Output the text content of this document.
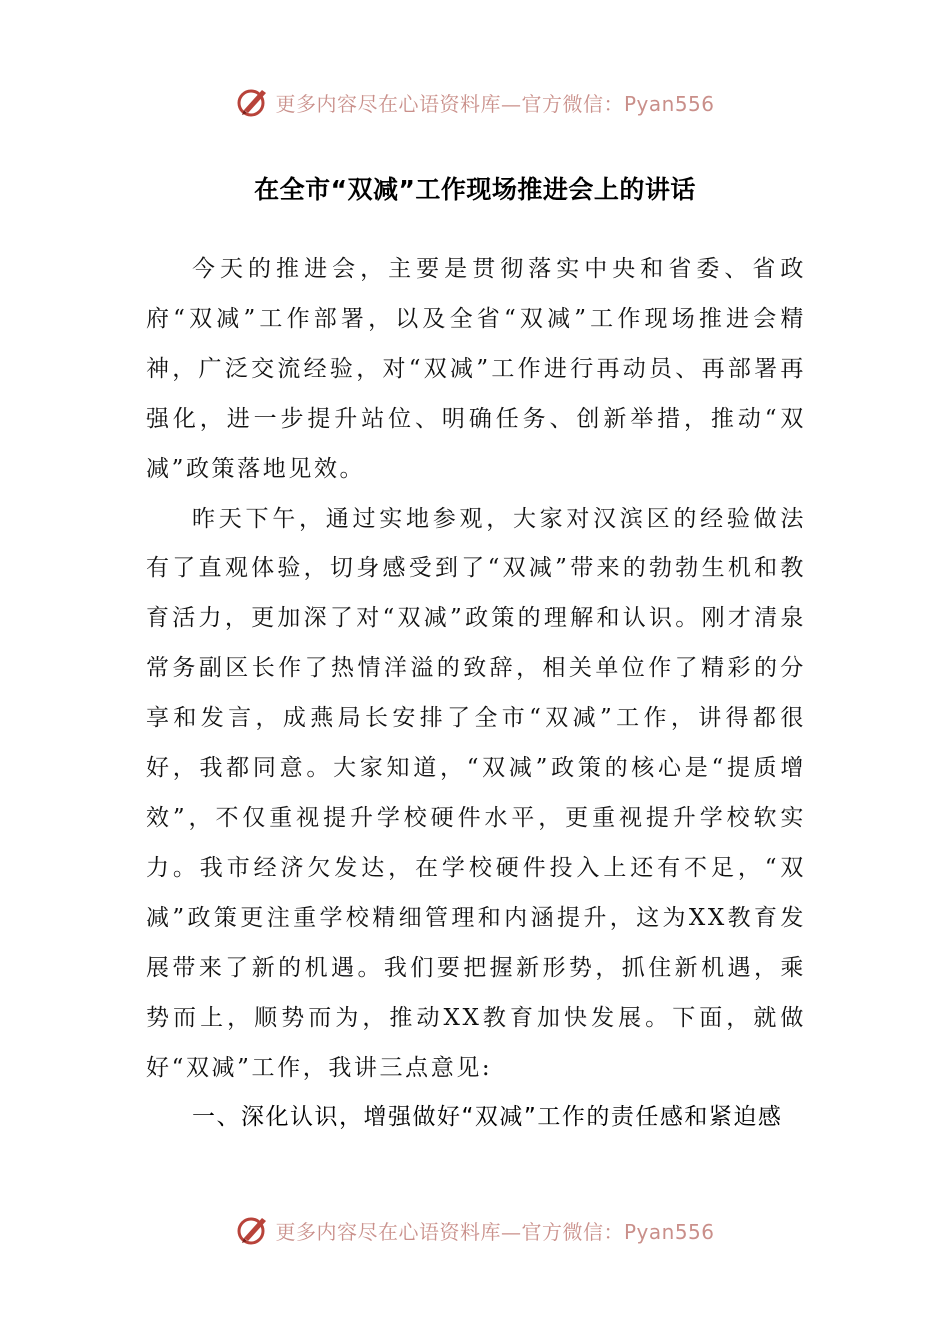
更多内容尽在心语资料库—官方微信：Pyan556
在全市“双减”工作现场推进会上的讲话

今天的推进会，主要是贯彻落实中央和省委、省政府“双减”工作部署，以及全省“双减”工作现场推进会精神，广泛交流经验，对“双减”工作进行再动员、再部署再强化，进一步提升站位、明确任务、创新举措，推动“双减”政策落地见效。

昨天下午，通过实地参观，大家对汉滨区的经验做法有了直观体验，切身感受到了“双减”带来的勃勃生机和教育活力，更加深了对“双减”政策的理解和认识。刚才清泉常务副区长作了热情洋溢的致辞，相关单位作了精彩的分享和发言，成燕局长安排了全市“双减”工作，讲得都很好，我都同意。大家知道，“双减”政策的核心是“提质增效”，不仅重视提升学校硬件水平，更重视提升学校软实力。我市经济欠发达，在学校硬件投入上还有不足，“双减”政策更注重学校精细管理和内涵提升，这为XX教育发展带来了新的机遇。我们要把握新形势，抓住新机遇，乘势而上，顺势而为，推动XX教育加快发展。下面，就做好“双减”工作，我讲三点意见:

一、深化认识，增强做好“双减”工作的责任感和紧迫感

更多内容尽在心语资料库—官方微信：Pyan556
